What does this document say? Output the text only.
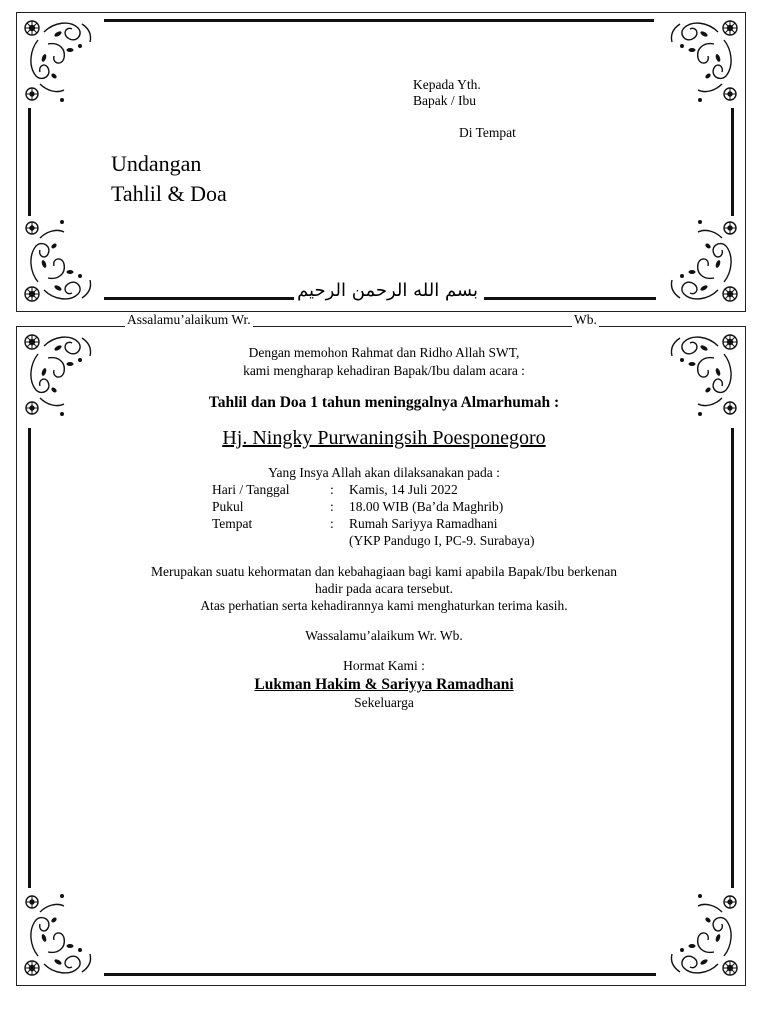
Kepada Yth.
Bapak / Ibu
Di Tempat
Undangan
Tahlil & Doa
بسم الله الرحمن الرحيم
Assalamu’alaikum Wr.	Wb.
Dengan memohon Rahmat dan Ridho Allah SWT,
kami mengharap kehadiran Bapak/Ibu dalam acara :
Tahlil dan Doa 1 tahun meninggalnya Almarhumah :
Hj. Ningky Purwaningsih Poesponegoro
Yang Insya Allah akan dilaksanakan pada :
Hari / Tanggal	: Kamis, 14 Juli 2022
Pukul	: 18.00 WIB (Ba’da Maghrib)
Tempat	: Rumah Sariyya Ramadhani
(YKP Pandugo I, PC-9. Surabaya)
Merupakan suatu kehormatan dan kebahagiaan bagi kami apabila Bapak/Ibu berkenan
hadir pada acara tersebut.
Atas perhatian serta kehadirannya kami menghaturkan terima kasih.
Wassalamu’alaikum Wr. Wb.
Hormat Kami :
Lukman Hakim & Sariyya Ramadhani
Sekeluarga
